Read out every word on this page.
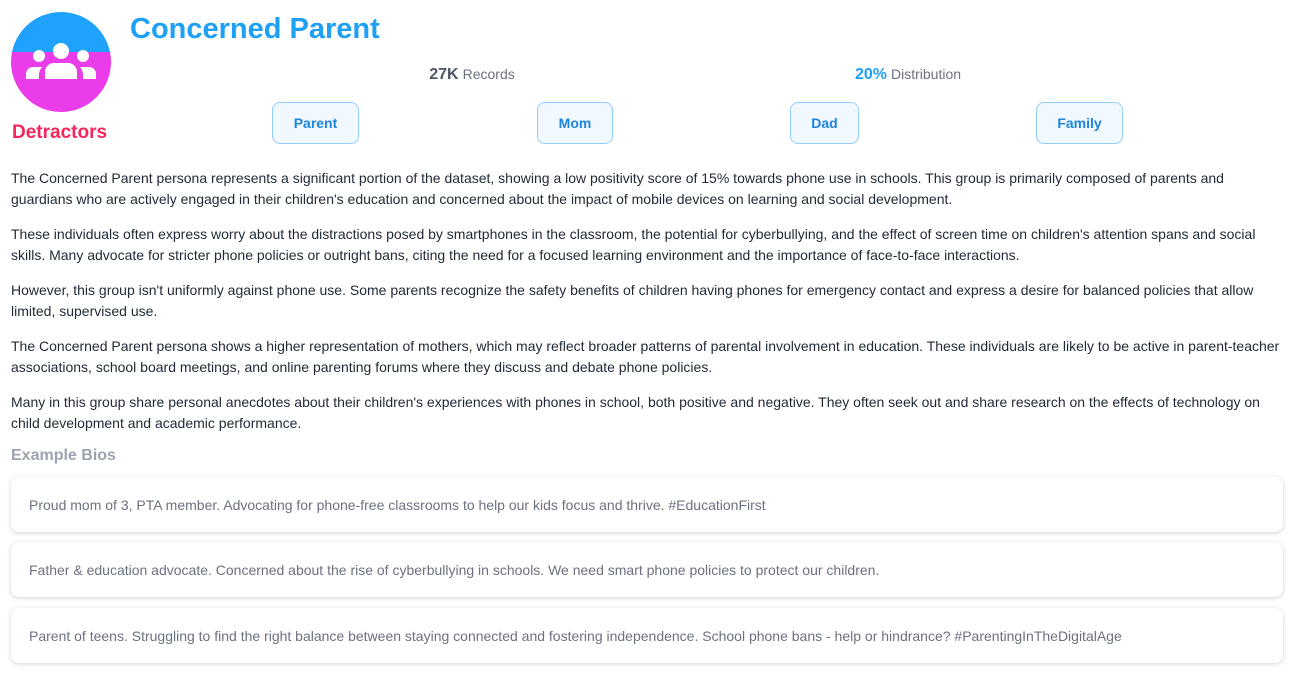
Detractors
Concerned Parent
27K Records	20% Distribution
Parent	Mom	Dad	Family

The Concerned Parent persona represents a significant portion of the dataset, showing a low positivity score of 15% towards phone use in schools. This group is primarily composed of parents and guardians who are actively engaged in their children's education and concerned about the impact of mobile devices on learning and social development.

These individuals often express worry about the distractions posed by smartphones in the classroom, the potential for cyberbullying, and the effect of screen time on children's attention spans and social skills. Many advocate for stricter phone policies or outright bans, citing the need for a focused learning environment and the importance of face-to-face interactions.

However, this group isn't uniformly against phone use. Some parents recognize the safety benefits of children having phones for emergency contact and express a desire for balanced policies that allow limited, supervised use.

The Concerned Parent persona shows a higher representation of mothers, which may reflect broader patterns of parental involvement in education. These individuals are likely to be active in parent-teacher associations, school board meetings, and online parenting forums where they discuss and debate phone policies.

Many in this group share personal anecdotes about their children's experiences with phones in school, both positive and negative. They often seek out and share research on the effects of technology on child development and academic performance.

Example Bios
Proud mom of 3, PTA member. Advocating for phone-free classrooms to help our kids focus and thrive. #EducationFirst
Father & education advocate. Concerned about the rise of cyberbullying in schools. We need smart phone policies to protect our children.
Parent of teens. Struggling to find the right balance between staying connected and fostering independence. School phone bans - help or hindrance? #ParentingInTheDigitalAge
